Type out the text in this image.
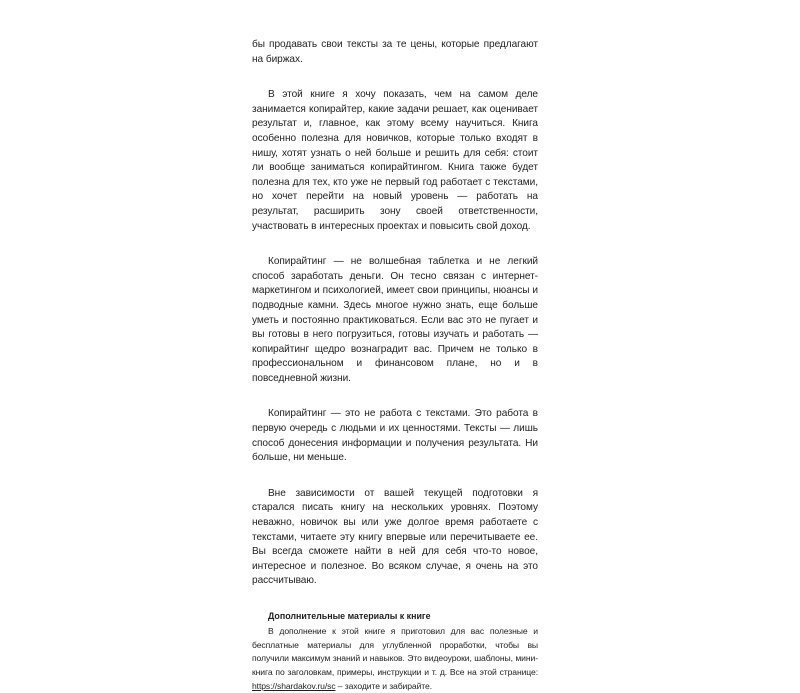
бы продавать свои тексты за те цены, которые предлагают на биржах.

В этой книге я хочу показать, чем на самом деле занимается копирайтер, какие задачи решает, как оценивает результат и, главное, как этому всему научиться. Книга особенно полезна для новичков, которые только входят в нишу, хотят узнать о ней больше и решить для себя: стоит ли вообще заниматься копирайтингом. Книга также будет полезна для тех, кто уже не первый год работает с текстами, но хочет перейти на новый уровень — работать на результат, расширить зону своей ответственности, участвовать в интересных проектах и повысить свой доход.

Копирайтинг — не волшебная таблетка и не легкий способ заработать деньги. Он тесно связан с интернет-маркетингом и психологией, имеет свои принципы, нюансы и подводные камни. Здесь многое нужно знать, еще больше уметь и постоянно практиковаться. Если вас это не пугает и вы готовы в него погрузиться, готовы изучать и работать — копирайтинг щедро вознаградит вас. Причем не только в профессиональном и финансовом плане, но и в повседневной жизни.

Копирайтинг — это не работа с текстами. Это работа в первую очередь с людьми и их ценностями. Тексты — лишь способ донесения информации и получения результата. Ни больше, ни меньше.

Вне зависимости от вашей текущей подготовки я старался писать книгу на нескольких уровнях. Поэтому неважно, новичок вы или уже долгое время работаете с текстами, читаете эту книгу впервые или перечитываете ее. Вы всегда сможете найти в ней для себя что-то новое, интересное и полезное. Во всяком случае, я очень на это рассчитываю.

Дополнительные материалы к книге

В дополнение к этой книге я приготовил для вас полезные и бесплатные материалы для углубленной проработки, чтобы вы получили максимум знаний и навыков. Это видеоуроки, шаблоны, мини-книга по заголовкам, примеры, инструкции и т. д. Все на этой странице: https://shardakov.ru/sc – заходите и забирайте.
